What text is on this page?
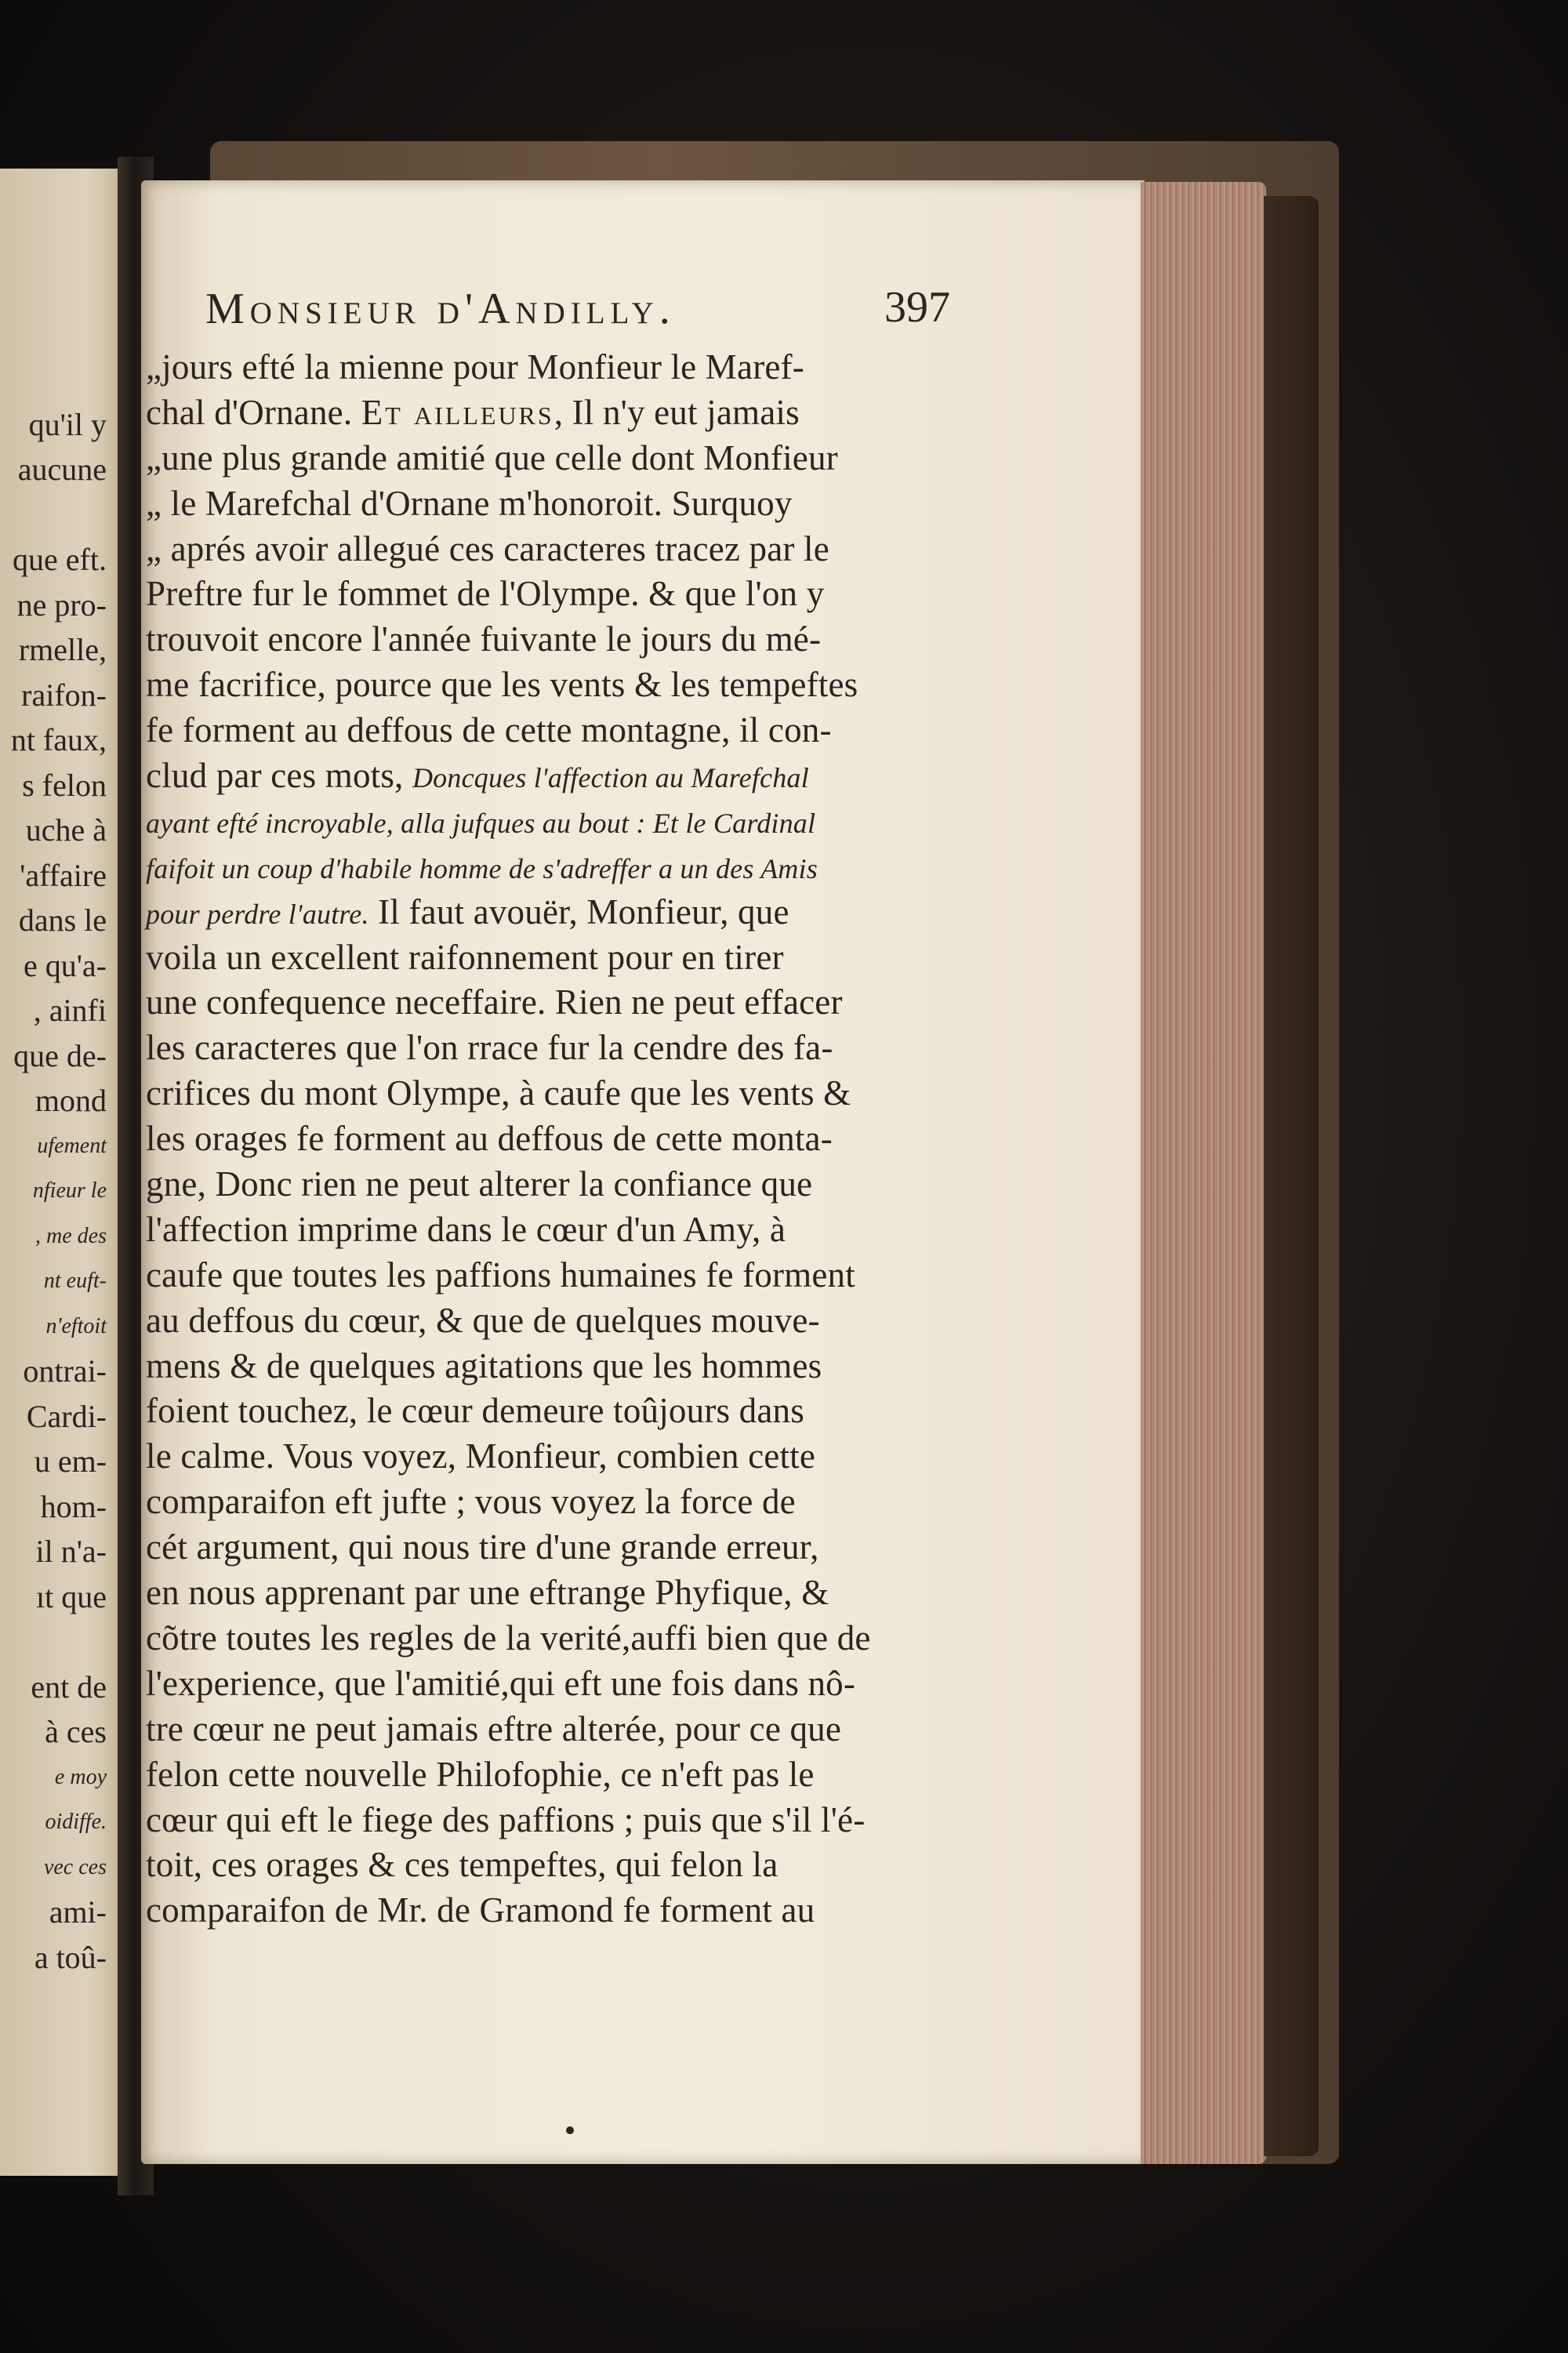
qu'il y
aucune

que eft.
ne pro-
rmelle,
raifon-
nt faux,
s felon
uche à
'affaire
dans le
e qu'a-
, ainfi
que de-
mond
ufement
nfieur le
, me des
nt euft-
n'eftoit
ontrai-
Cardi-
u em-
hom-
il n'a-
ıt que

ent de
à ces
e moy
oidiffe.
vec ces
ami-
a toû-
Monsieur d'Andilly.	397
„jours efté la mienne pour Monfieur le Maref-
chal d'Ornane. Et ailleurs, Il n'y eut jamais
„une plus grande amitié que celle dont Monfieur
„ le Marefchal d'Ornane m'honoroit. Surquoy
„ aprés avoir allegué ces caracteres tracez par le
Preftre fur le fommet de l'Olympe. & que l'on y
trouvoit encore l'année fuivante le jours du mé-
me facrifice, pource que les vents & les tempeftes
fe forment au deffous de cette montagne, il con-
clud par ces mots, Doncques l'affection au Marefchal
ayant efté incroyable, alla jufques au bout : Et le Cardinal
faifoit un coup d'habile homme de s'adreffer a un des Amis
pour perdre l'autre. Il faut avouër, Monfieur, que
voila un excellent raifonnement pour en tirer
une confequence neceffaire. Rien ne peut effacer
les caracteres que l'on rrace fur la cendre des fa-
crifices du mont Olympe, à caufe que les vents &
les orages fe forment au deffous de cette monta-
gne, Donc rien ne peut alterer la confiance que
l'affection imprime dans le cœur d'un Amy, à
caufe que toutes les paffions humaines fe forment
au deffous du cœur, & que de quelques mouve-
mens & de quelques agitations que les hommes
foient touchez, le cœur demeure toûjours dans
le calme. Vous voyez, Monfieur, combien cette
comparaifon eft jufte ; vous voyez la force de
cét argument, qui nous tire d'une grande erreur,
en nous apprenant par une eftrange Phyfique, &
cõtre toutes les regles de la verité,auffi bien que de
l'experience, que l'amitié,qui eft une fois dans nô-
tre cœur ne peut jamais eftre alterée, pour ce que
felon cette nouvelle Philofophie, ce n'eft pas le
cœur qui eft le fiege des paffions ; puis que s'il l'é-
toit, ces orages & ces tempeftes, qui felon la
comparaifon de Mr. de Gramond fe forment au
